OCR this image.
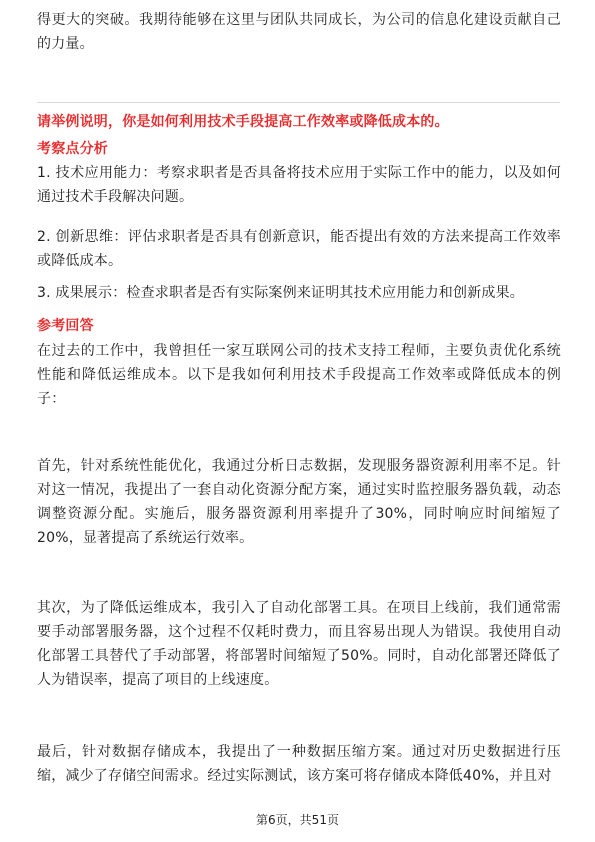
得更大的突破。我期待能够在这里与团队共同成长，为公司的信息化建设贡献自己的力量。

请举例说明，你是如何利用技术手段提高工作效率或降低成本的。

考察点分析

1. 技术应用能力：考察求职者是否具备将技术应用于实际工作中的能力，以及如何通过技术手段解决问题。

2. 创新思维：评估求职者是否具有创新意识，能否提出有效的方法来提高工作效率或降低成本。

3. 成果展示：检查求职者是否有实际案例来证明其技术应用能力和创新成果。

参考回答

在过去的工作中，我曾担任一家互联网公司的技术支持工程师，主要负责优化系统性能和降低运维成本。以下是我如何利用技术手段提高工作效率或降低成本的例子：

首先，针对系统性能优化，我通过分析日志数据，发现服务器资源利用率不足。针对这一情况，我提出了一套自动化资源分配方案，通过实时监控服务器负载，动态调整资源分配。实施后，服务器资源利用率提升了30%，同时响应时间缩短了20%，显著提高了系统运行效率。

其次，为了降低运维成本，我引入了自动化部署工具。在项目上线前，我们通常需要手动部署服务器，这个过程不仅耗时费力，而且容易出现人为错误。我使用自动化部署工具替代了手动部署，将部署时间缩短了50%。同时，自动化部署还降低了人为错误率，提高了项目的上线速度。

最后，针对数据存储成本，我提出了一种数据压缩方案。通过对历史数据进行压缩，减少了存储空间需求。经过实际测试，该方案可将存储成本降低40%，并且对

第6页，共51页
